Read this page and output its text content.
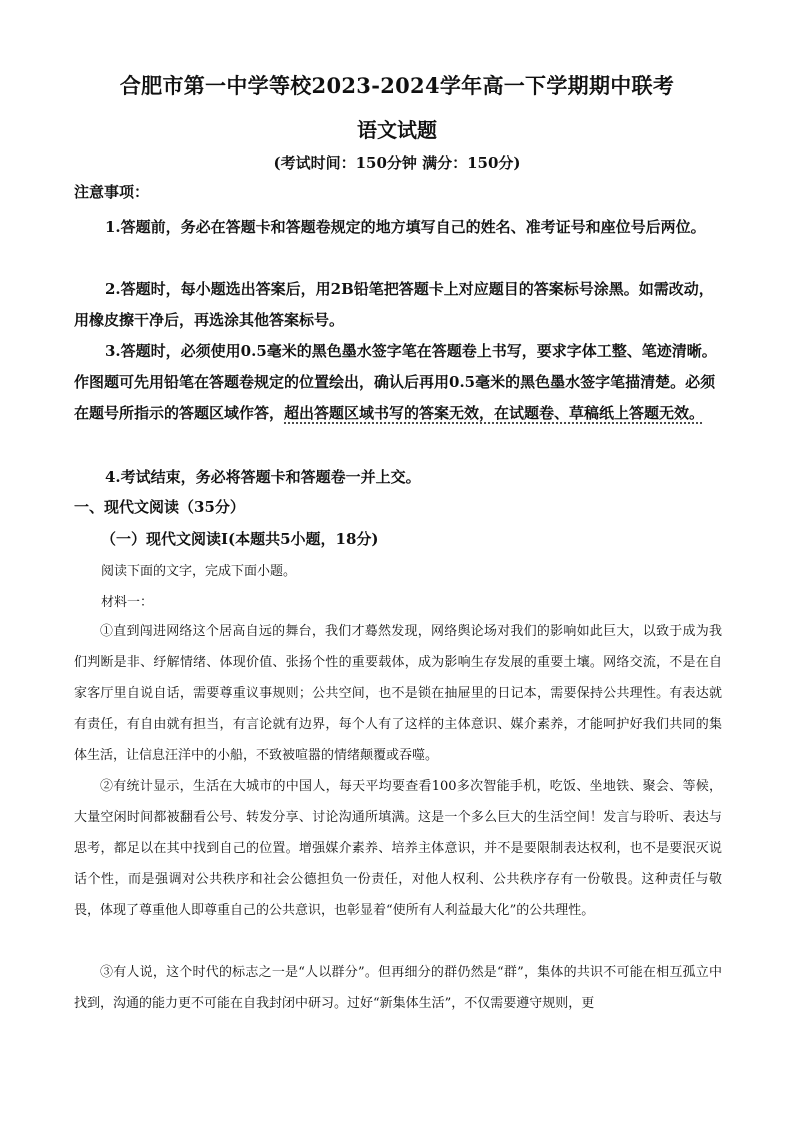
合肥市第一中学等校2023-2024学年高一下学期期中联考
语文试题
(考试时间：150分钟 满分：150分)
注意事项：
1.答题前，务必在答题卡和答题卷规定的地方填写自己的姓名、准考证号和座位号后两位。
2.答题时，每小题选出答案后，用2B铅笔把答题卡上对应题目的答案标号涂黑。如需改动，用橡皮擦干净后，再选涂其他答案标号。
3.答题时，必须使用0.5毫米的黑色墨水签字笔在答题卷上书写，要求字体工整、笔迹清晰。作图题可先用铅笔在答题卷规定的位置绘出，确认后再用0.5毫米的黑色墨水签字笔描清楚。必须在题号所指示的答题区域作答，超出答题区域书写的答案无效，在试题卷、草稿纸上答题无效。
4.考试结束，务必将答题卡和答题卷一并上交。
一、现代文阅读（35分）
（一）现代文阅读Ⅰ(本题共5小题，18分)
阅读下面的文字，完成下面小题。
材料一：
①直到闯进网络这个居高自远的舞台，我们才蓦然发现，网络舆论场对我们的影响如此巨大，以致于成为我们判断是非、纾解情绪、体现价值、张扬个性的重要载体，成为影响生存发展的重要土壤。网络交流，不是在自家客厅里自说自话，需要尊重议事规则；公共空间，也不是锁在抽屉里的日记本，需要保持公共理性。有表达就有责任，有自由就有担当，有言论就有边界，每个人有了这样的主体意识、媒介素养，才能呵护好我们共同的集体生活，让信息汪洋中的小船，不致被喧嚣的情绪颠覆或吞噬。
②有统计显示，生活在大城市的中国人，每天平均要查看100多次智能手机，吃饭、坐地铁、聚会、等候，大量空闲时间都被翻看公号、转发分享、讨论沟通所填满。这是一个多么巨大的生活空间！发言与聆听、表达与思考，都足以在其中找到自己的位置。增强媒介素养、培养主体意识，并不是要限制表达权利，也不是要泯灭说话个性，而是强调对公共秩序和社会公德担负一份责任，对他人权利、公共秩序存有一份敬畏。这种责任与敬畏，体现了尊重他人即尊重自己的公共意识，也彰显着“使所有人利益最大化”的公共理性。
③有人说，这个时代的标志之一是“人以群分”。但再细分的群仍然是“群”，集体的共识不可能在相互孤立中找到，沟通的能力更不可能在自我封闭中研习。过好“新集体生活”，不仅需要遵守规则，更
